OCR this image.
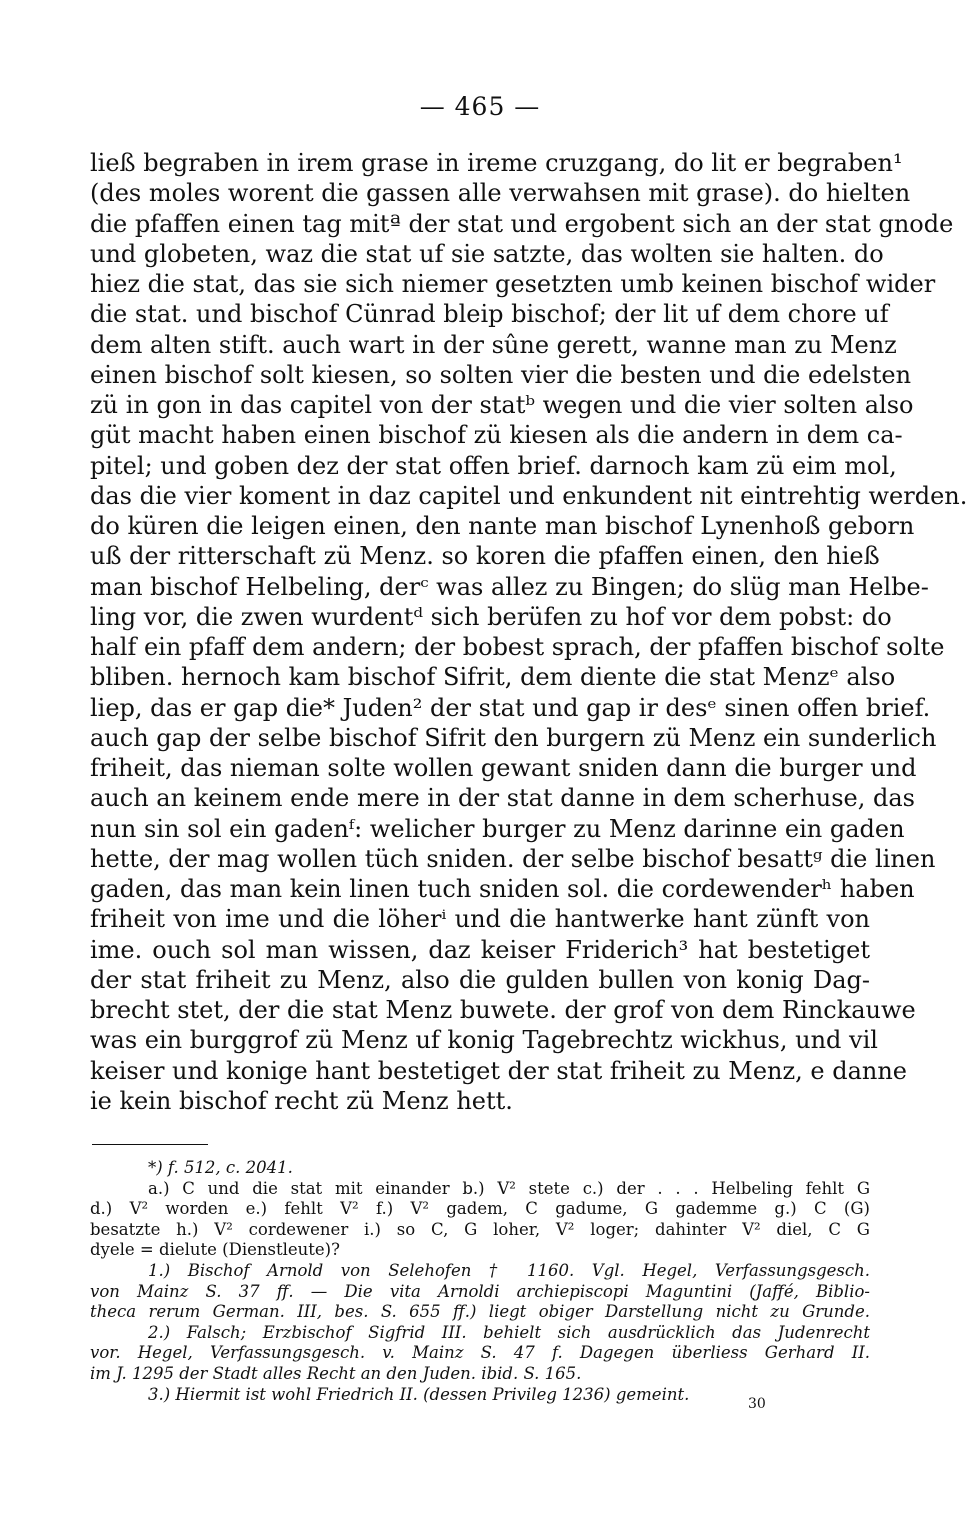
— 465 —
ließ begraben in irem grase in ireme cruzgang, do lit er begraben¹
(des moles worent die gassen alle verwahsen mit grase). do hielten
die pfaffen einen tag mitª der stat und ergobent sich an der stat gnode
und globeten, waz die stat uf sie satzte, das wolten sie halten. do
hiez die stat, das sie sich niemer gesetzten umb keinen bischof wider
die stat. und bischof Cünrad bleip bischof; der lit uf dem chore uf
dem alten stift. auch wart in der sûne gerett, wanne man zu Menz
einen bischof solt kiesen, so solten vier die besten und die edelsten
zü in gon in das capitel von der statᵇ wegen und die vier solten also
güt macht haben einen bischof zü kiesen als die andern in dem ca-
pitel; und goben dez der stat offen brief. darnoch kam zü eim mol,
das die vier koment in daz capitel und enkundent nit eintrehtig werden.
do küren die leigen einen, den nante man bischof Lynenhoß geborn
uß der ritterschaft zü Menz. so koren die pfaffen einen, den hieß
man bischof Helbeling, derᶜ was allez zu Bingen; do slüg man Helbe-
ling vor, die zwen wurdentᵈ sich berüfen zu hof vor dem pobst: do
half ein pfaff dem andern; der bobest sprach, der pfaffen bischof solte
bliben. hernoch kam bischof Sifrit, dem diente die stat Menzᵉ also
liep, das er gap die* Juden² der stat und gap ir desᵉ sinen offen brief.
auch gap der selbe bischof Sifrit den burgern zü Menz ein sunderlich
friheit, das nieman solte wollen gewant sniden dann die burger und
auch an keinem ende mere in der stat danne in dem scherhuse, das
nun sin sol ein gadenᶠ: welicher burger zu Menz darinne ein gaden
hette, der mag wollen tüch sniden. der selbe bischof besattᵍ die linen
gaden, das man kein linen tuch sniden sol. die cordewenderʰ haben
friheit von ime und die löherⁱ und die hantwerke hant zünft von
ime. ouch sol man wissen, daz keiser Friderich³ hat bestetiget
der stat friheit zu Menz, also die gulden bullen von konig Dag-
brecht stet, der die stat Menz buwete. der grof von dem Rinckauwe
was ein burggrof zü Menz uf konig Tagebrechtz wickhus, und vil
keiser und konige hant bestetiget der stat friheit zu Menz, e danne
ie kein bischof recht zü Menz hett.
*) f. 512, c. 2041.
a.) C und die stat mit einander b.) V² stete c.) der . . . Helbeling fehlt G
d.) V² worden e.) fehlt V² f.) V² gadem, C gadume, G gademme g.) C (G)
besatzte h.) V² cordewener i.) so C, G loher, V² loger; dahinter V² diel, C G
dyele = dielute (Dienstleute)?
1.) Bischof Arnold von Selehofen † 1160. Vgl. Hegel, Verfassungsgesch.
von Mainz S. 37 ff. — Die vita Arnoldi archiepiscopi Maguntini (Jaffé, Biblio-
theca rerum German. III, bes. S. 655 ff.) liegt obiger Darstellung nicht zu Grunde.
2.) Falsch; Erzbischof Sigfrid III. behielt sich ausdrücklich das Judenrecht
vor. Hegel, Verfassungsgesch. v. Mainz S. 47 f. Dagegen überliess Gerhard II.
im J. 1295 der Stadt alles Recht an den Juden. ibid. S. 165.
3.) Hiermit ist wohl Friedrich II. (dessen Privileg 1236) gemeint.
30
